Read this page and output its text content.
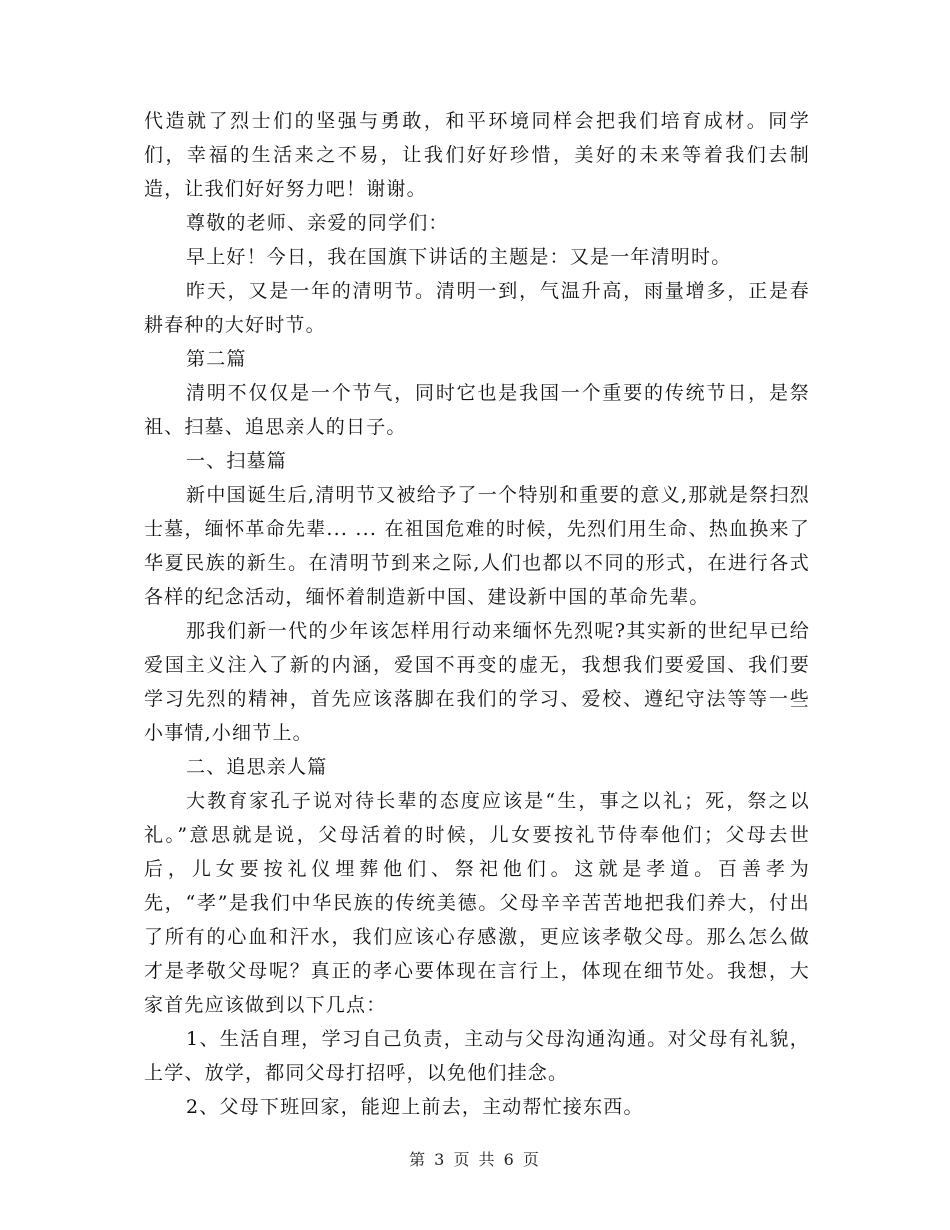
代造就了烈士们的坚强与勇敢，和平环境同样会把我们培育成材。同学们，幸福的生活来之不易，让我们好好珍惜，美好的未来等着我们去制造，让我们好好努力吧！谢谢。

尊敬的老师、亲爱的同学们：

早上好！今日，我在国旗下讲话的主题是：又是一年清明时。

昨天，又是一年的清明节。清明一到，气温升高，雨量增多，正是春耕春种的大好时节。

第二篇

清明不仅仅是一个节气，同时它也是我国一个重要的传统节日，是祭祖、扫墓、追思亲人的日子。

一、扫墓篇

新中国诞生后,清明节又被给予了一个特别和重要的意义,那就是祭扫烈士墓，缅怀革命先辈... ... 在祖国危难的时候，先烈们用生命、热血换来了华夏民族的新生。在清明节到来之际,人们也都以不同的形式，在进行各式各样的纪念活动，缅怀着制造新中国、建设新中国的革命先辈。

那我们新一代的少年该怎样用行动来缅怀先烈呢?其实新的世纪早已给爱国主义注入了新的内涵，爱国不再变的虚无，我想我们要爱国、我们要学习先烈的精神，首先应该落脚在我们的学习、爱校、遵纪守法等等一些小事情,小细节上。

二、追思亲人篇

大教育家孔子说对待长辈的态度应该是“生，事之以礼；死，祭之以礼。”意思就是说，父母活着的时候，儿女要按礼节侍奉他们；父母去世后，儿女要按礼仪埋葬他们、祭祀他们。这就是孝道。百善孝为先，“孝”是我们中华民族的传统美德。父母辛辛苦苦地把我们养大，付出了所有的心血和汗水，我们应该心存感激，更应该孝敬父母。那么怎么做才是孝敬父母呢？真正的孝心要体现在言行上，体现在细节处。我想，大家首先应该做到以下几点：

1、生活自理，学习自己负责，主动与父母沟通沟通。对父母有礼貌，上学、放学，都同父母打招呼，以免他们挂念。

2、父母下班回家，能迎上前去，主动帮忙接东西。

第 3 页 共 6 页
